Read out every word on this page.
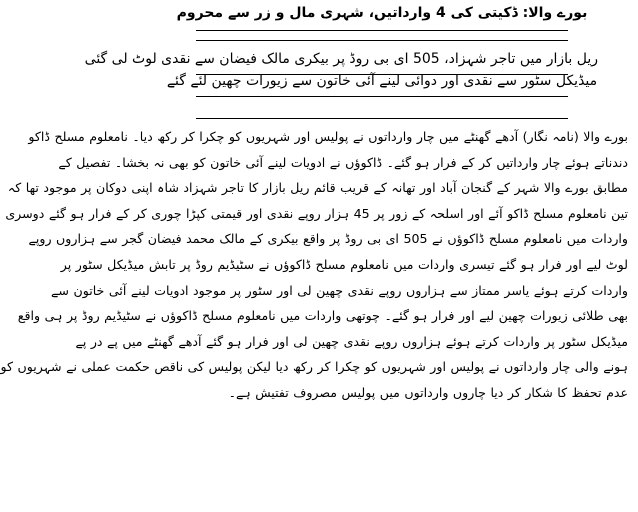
بورے والا: ڈکیتی کی 4 وارداتیں، شہری مال و زر سے محروم
ریل بازار میں تاجر شہزاد، 505 ای بی روڈ پر بیکری مالک فیضان سے نقدی لوٹ لی گئی
میڈیکل سٹور سے نقدی اور دوائی لینے آئی خاتون سے زیورات چھین لئے گئے
بورے والا (نامہ نگار) آدھے گھنٹے میں چار وارداتوں نے پولیس اور شہریوں کو چکرا کر رکھ دیا۔ نامعلوم مسلح ڈاکو
دندناتے ہوئے چار وارداتیں کر کے فرار ہو گئے۔ ڈاکوؤں نے ادویات لینے آئی خاتون کو بھی نہ بخشا۔ تفصیل کے
مطابق بورے والا شہر کے گنجان آباد اور تھانہ کے قریب قائم ریل بازار کا تاجر شہزاد شاہ اپنی دوکان پر موجود تھا کہ
تین نامعلوم مسلح ڈاکو آئے اور اسلحہ کے زور پر 45 ہزار روپے نقدی اور قیمتی کپڑا چوری کر کے فرار ہو گئے دوسری
واردات میں نامعلوم مسلح ڈاکوؤں نے 505 ای بی روڈ پر واقع بیکری کے مالک محمد فیضان گجر سے ہزاروں روپے
لوٹ لیے اور فرار ہو گئے تیسری واردات میں نامعلوم مسلح ڈاکوؤں نے سٹیڈیم روڈ پر تابش میڈیکل سٹور پر
واردات کرتے ہوئے یاسر ممتاز سے ہزاروں روپے نقدی چھین لی اور سٹور پر موجود ادویات لینے آئی خاتون سے
بھی طلائی زیورات چھین لیے اور فرار ہو گئے۔ چوتھی واردات میں نامعلوم مسلح ڈاکوؤں نے سٹیڈیم روڈ پر ہی واقع
میڈیکل سٹور پر واردات کرتے ہوئے ہزاروں روپے نقدی چھین لی اور فرار ہو گئے آدھے گھنٹے میں پے در پے
ہونے والی چار وارداتوں نے پولیس اور شہریوں کو چکرا کر رکھ دیا لیکن پولیس کی ناقص حکمت عملی نے شہریوں کو
عدم تحفظ کا شکار کر دیا چاروں وارداتوں میں پولیس مصروف تفتیش ہے۔
